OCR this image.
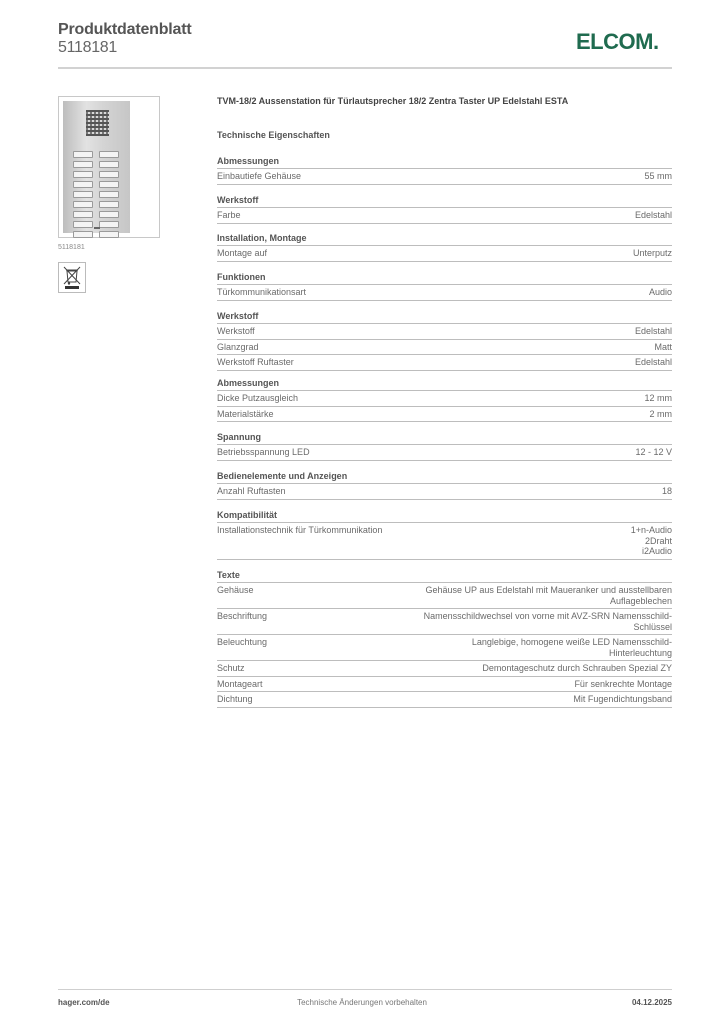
Produktdatenblatt
5118181	ELCOM.
5118181
TVM-18/2 Aussenstation für Türlautsprecher 18/2 Zentra Taster UP Edelstahl ESTA
Technische Eigenschaften
Abmessungen
Einbautiefe Gehäuse	55 mm
Werkstoff
Farbe	Edelstahl
Installation, Montage
Montage auf	Unterputz
Funktionen
Türkommunikationsart	Audio
Werkstoff
Werkstoff	Edelstahl
Glanzgrad	Matt
Werkstoff Ruftaster	Edelstahl
Abmessungen
Dicke Putzausgleich	12 mm
Materialstärke	2 mm
Spannung
Betriebsspannung LED	12 - 12 V
Bedienelemente und Anzeigen
Anzahl Ruftasten	18
Kompatibilität
Installationstechnik für Türkommunikation	1+n-Audio
2Draht
i2Audio
Texte
Gehäuse	Gehäuse UP aus Edelstahl mit Maueranker und ausstellbaren
Auflageblechen
Beschriftung	Namensschildwechsel von vorne mit AVZ-SRN Namensschild-
Schlüssel
Beleuchtung	Langlebige, homogene weiße LED Namensschild-
Hinterleuchtung
Schutz	Demontageschutz durch Schrauben Spezial ZY
Montageart	Für senkrechte Montage
Dichtung	Mit Fugendichtungsband
hager.com/de	Technische Änderungen vorbehalten	04.12.2025
